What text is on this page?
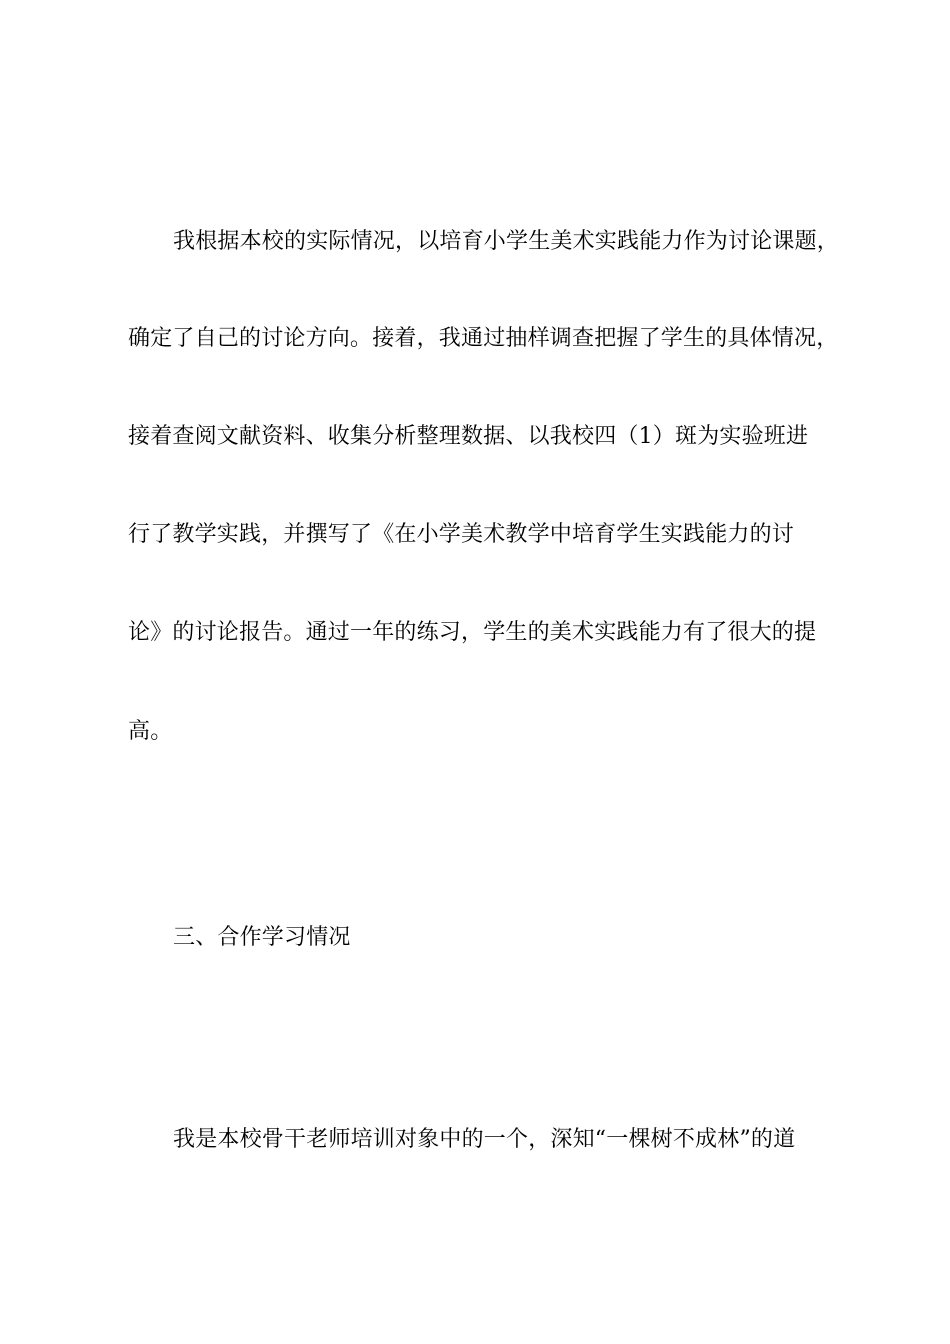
我根据本校的实际情况，以培育小学生美术实践能力作为讨论课题，
确定了自己的讨论方向。接着，我通过抽样调查把握了学生的具体情况，
接着查阅文献资料、收集分析整理数据、以我校四（1）斑为实验班进
行了教学实践，并撰写了《在小学美术教学中培育学生实践能力的讨
论》的讨论报告。通过一年的练习，学生的美术实践能力有了很大的提
高。
三、合作学习情况
我是本校骨干老师培训对象中的一个，深知“一棵树不成林”的道
